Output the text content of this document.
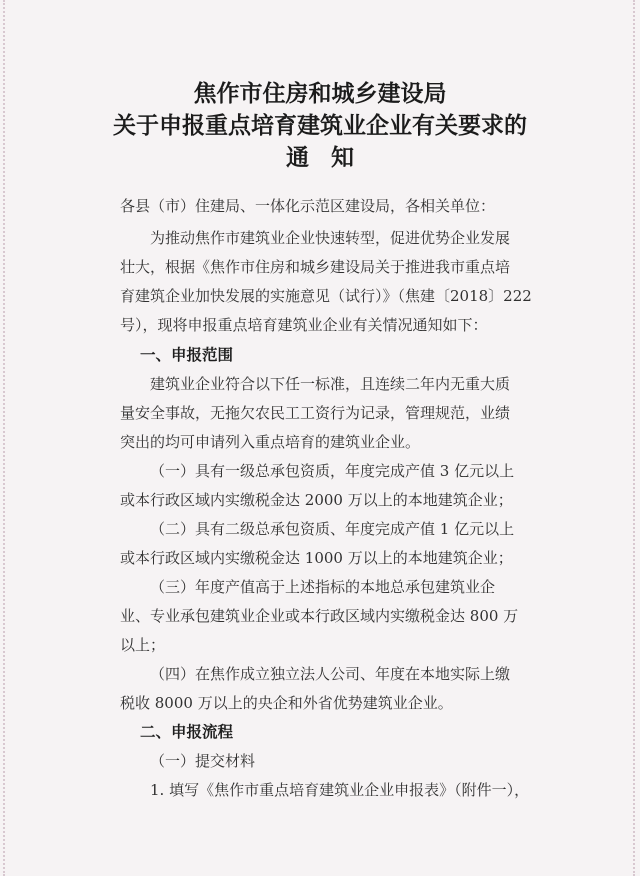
焦作市住房和城乡建设局
关于申报重点培育建筑业企业有关要求的
通知
各县（市）住建局、一体化示范区建设局，各相关单位：
为推动焦作市建筑业企业快速转型，促进优势企业发展
壮大，根据《焦作市住房和城乡建设局关于推进我市重点培
育建筑企业加快发展的实施意见（试行）》（焦建〔2018〕222
号），现将申报重点培育建筑业企业有关情况通知如下：
一、申报范围
建筑业企业符合以下任一标准，且连续二年内无重大质
量安全事故，无拖欠农民工工资行为记录，管理规范，业绩
突出的均可申请列入重点培育的建筑业企业。
（一）具有一级总承包资质，年度完成产值 3 亿元以上
或本行政区域内实缴税金达 2000 万以上的本地建筑企业；
（二）具有二级总承包资质、年度完成产值 1 亿元以上
或本行政区域内实缴税金达 1000 万以上的本地建筑企业；
（三）年度产值高于上述指标的本地总承包建筑业企
业、专业承包建筑业企业或本行政区域内实缴税金达 800 万
以上；
（四）在焦作成立独立法人公司、年度在本地实际上缴
税收 8000 万以上的央企和外省优势建筑业企业。
二、申报流程
（一）提交材料
1. 填写《焦作市重点培育建筑业企业申报表》（附件一），
